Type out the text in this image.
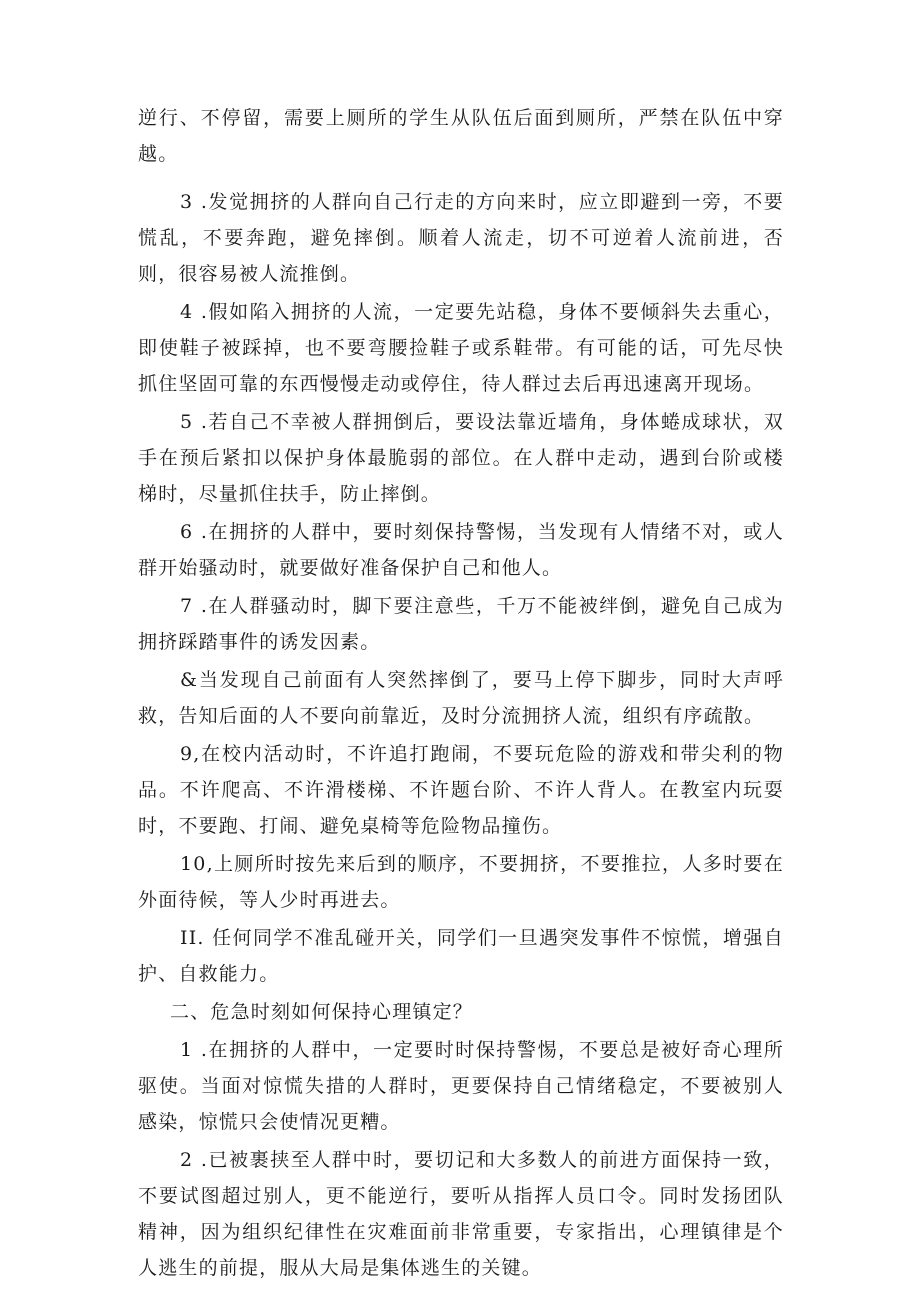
逆行、不停留，需要上厕所的学生从队伍后面到厕所，严禁在队伍中穿越。

3 .发觉拥挤的人群向自己行走的方向来时，应立即避到一旁，不要慌乱，不要奔跑，避免摔倒。顺着人流走，切不可逆着人流前进，否则，很容易被人流推倒。

4 .假如陷入拥挤的人流，一定要先站稳，身体不要倾斜失去重心，即使鞋子被踩掉，也不要弯腰捡鞋子或系鞋带。有可能的话，可先尽快抓住坚固可靠的东西慢慢走动或停住，待人群过去后再迅速离开现场。

5 .若自己不幸被人群拥倒后，要设法靠近墙角，身体蜷成球状，双手在预后紧扣以保护身体最脆弱的部位。在人群中走动，遇到台阶或楼梯时，尽量抓住扶手，防止摔倒。

6 .在拥挤的人群中，要时刻保持警惕，当发现有人情绪不对，或人群开始骚动时，就要做好准备保护自己和他人。

7 .在人群骚动时，脚下要注意些，千万不能被绊倒，避免自己成为拥挤踩踏事件的诱发因素。

&当发现自己前面有人突然摔倒了，要马上停下脚步，同时大声呼救，告知后面的人不要向前靠近，及时分流拥挤人流，组织有序疏散。

9,在校内活动时，不许追打跑闹，不要玩危险的游戏和带尖利的物品。不许爬高、不许滑楼梯、不许题台阶、不许人背人。在教室内玩耍时，不要跑、打闹、避免桌椅等危险物品撞伤。

10,上厕所时按先来后到的顺序，不要拥挤，不要推拉，人多时要在外面待候，等人少时再进去。

II. 任何同学不准乱碰开关，同学们一旦遇突发事件不惊慌，增强自护、自救能力。

二、危急时刻如何保持心理镇定？

1 .在拥挤的人群中，一定要时时保持警惕，不要总是被好奇心理所驱使。当面对惊慌失措的人群时，更要保持自己情绪稳定，不要被别人感染，惊慌只会使情况更糟。

2 .已被裹挟至人群中时，要切记和大多数人的前进方面保持一致，不要试图超过别人，更不能逆行，要听从指挥人员口令。同时发扬团队精神，因为组织纪律性在灾难面前非常重要，专家指出，心理镇律是个人逃生的前提，服从大局是集体逃生的关键。
